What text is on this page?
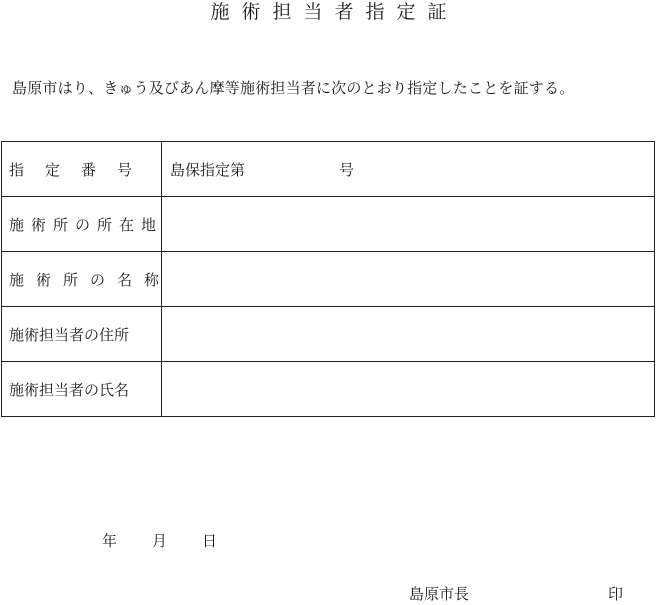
施術担当者指定証
島原市はり、きゅう及びあん摩等施術担当者に次のとおり指定したことを証する。
指定番号	島保指定第 号
施術所の所在地	
施術所の名称	
施術担当者の住所	
施術担当者の氏名	
年 月 日
島原市長	印
